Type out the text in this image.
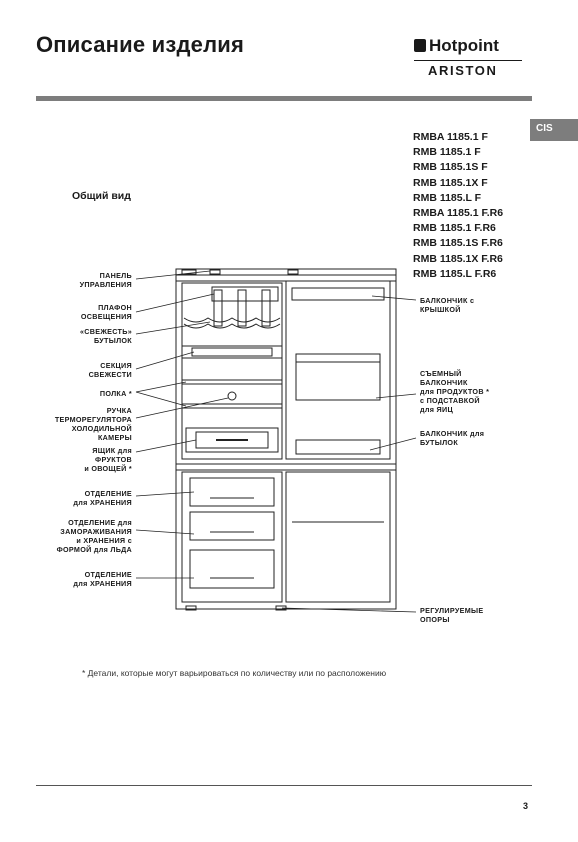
Описание изделия	Hotpoint
ARISTON
CIS
RMBA 1185.1 F
RMB 1185.1 F
RMB 1185.1S F
RMB 1185.1X F
RMB 1185.L F
RMBA 1185.1 F.R6
RMB 1185.1 F.R6
RMB 1185.1S F.R6
RMB 1185.1X F.R6
RMB 1185.L F.R6
Общий вид
ПАНЕЛЬ
УПРАВЛЕНИЯ
ПЛАФОН
ОСВЕЩЕНИЯ
«СВЕЖЕСТЬ»
БУТЫЛОК
СЕКЦИЯ
СВЕЖЕСТИ
ПОЛКА *
РУЧКА
ТЕРМОРЕГУЛЯТОРА
ХОЛОДИЛЬНОЙ
КАМЕРЫ
ЯЩИК для
ФРУКТОВ
и ОВОЩЕЙ *
ОТДЕЛЕНИЕ
для ХРАНЕНИЯ
ОТДЕЛЕНИЕ для
ЗАМОРАЖИВАНИЯ
и ХРАНЕНИЯ с
ФОРМОЙ для ЛЬДА
ОТДЕЛЕНИЕ
для ХРАНЕНИЯ
БАЛКОНЧИК с
КРЫШКОЙ
СЪЕМНЫЙ
БАЛКОНЧИК
для ПРОДУКТОВ *
с ПОДСТАВКОЙ
для ЯИЦ
БАЛКОНЧИК для
БУТЫЛОК
РЕГУЛИРУЕМЫЕ
ОПОРЫ
* Детали, которые могут варьироваться по количеству или по расположению
3
